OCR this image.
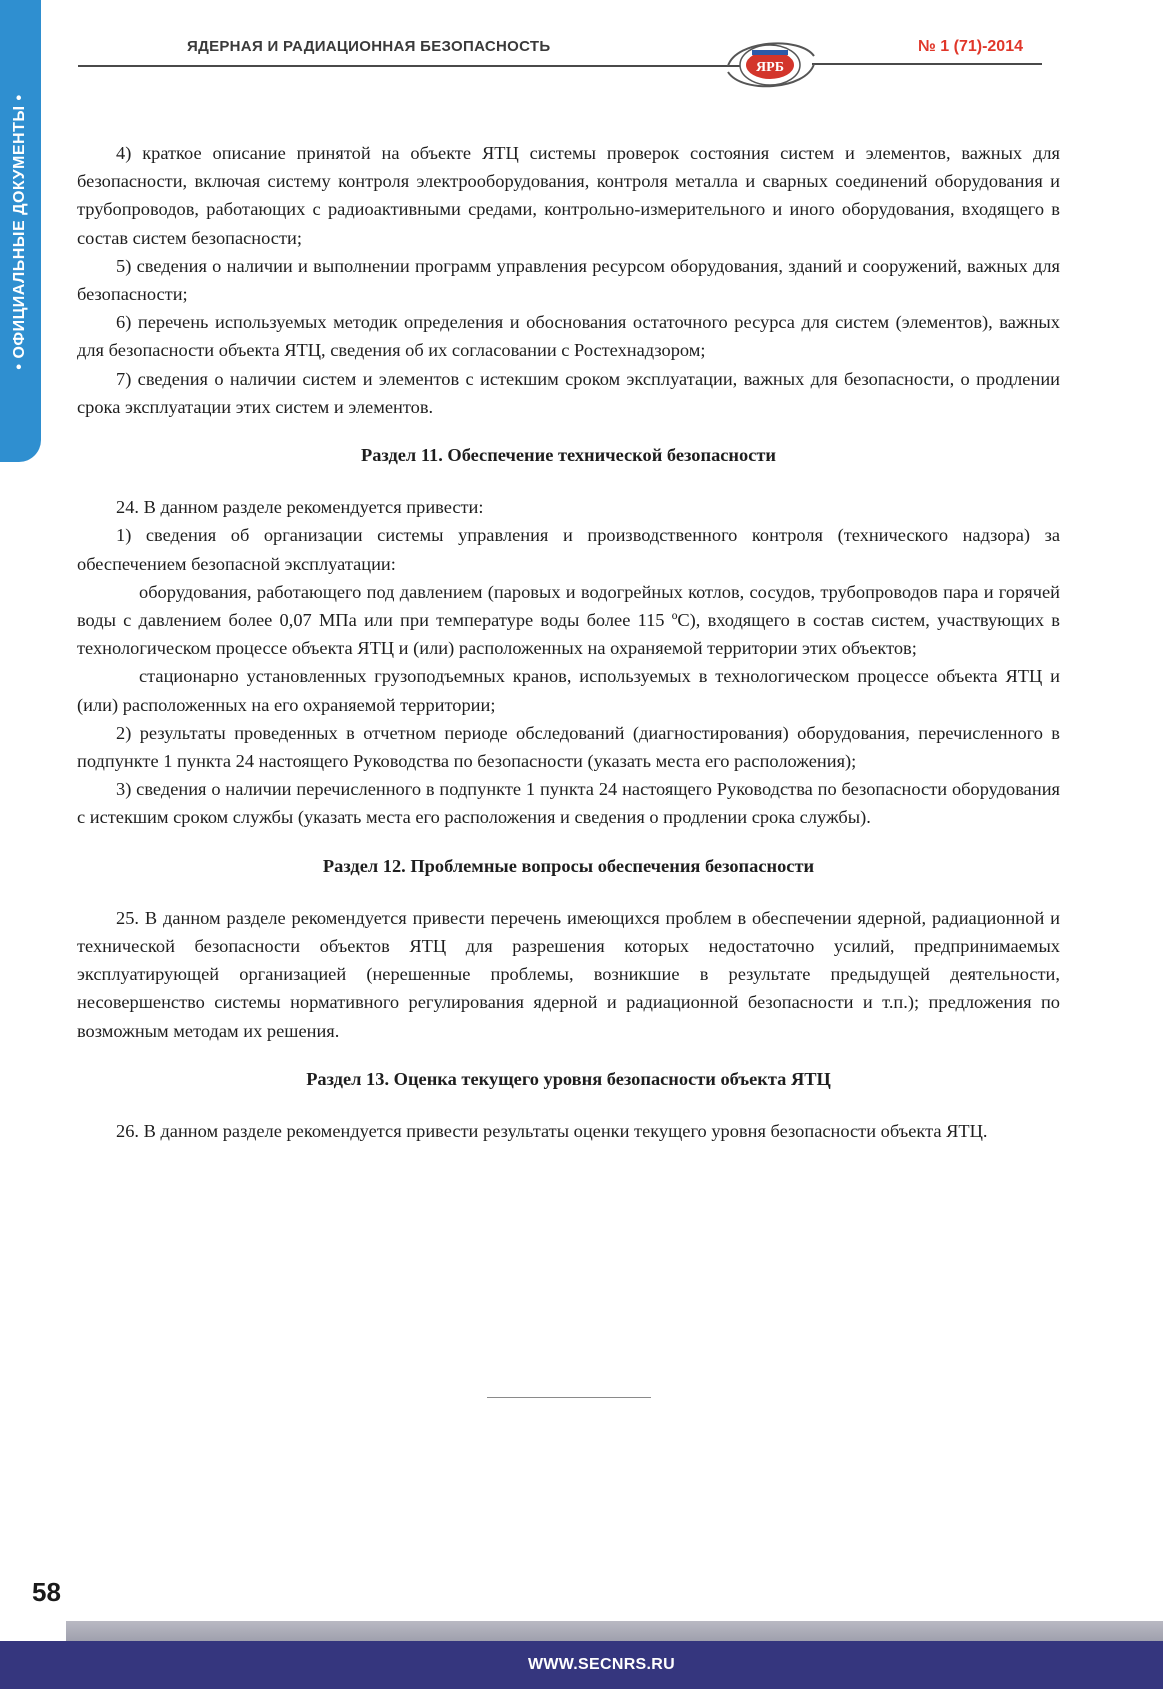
• ОФИЦИАЛЬНЫЕ ДОКУМЕНТЫ •
ЯДЕРНАЯ И РАДИАЦИОННАЯ БЕЗОПАСНОСТЬ
ЯРБ
№ 1 (71)-2014

4) краткое описание принятой на объекте ЯТЦ системы проверок состояния систем и элементов, важных для безопасности, включая систему контроля электрооборудования, контроля металла и сварных соединений оборудования и трубопроводов, работающих с радиоактивными средами, контрольно-измерительного и иного оборудования, входящего в состав систем безопасности;

5) сведения о наличии и выполнении программ управления ресурсом оборудования, зданий и сооружений, важных для безопасности;

6) перечень используемых методик определения и обоснования остаточного ресурса для систем (элементов), важных для безопасности объекта ЯТЦ, сведения об их согласовании с Ростехнадзором;

7) сведения о наличии систем и элементов с истекшим сроком эксплуатации, важных для безопасности, о продлении срока эксплуатации этих систем и элементов.

Раздел 11. Обеспечение технической безопасности

24. В данном разделе рекомендуется привести:

1) сведения об организации системы управления и производственного контроля (технического надзора) за обеспечением безопасной эксплуатации:

оборудования, работающего под давлением (паровых и водогрейных котлов, сосудов, трубопроводов пара и горячей воды с давлением более 0,07 МПа или при температуре воды более 115 ºС), входящего в состав систем, участвующих в технологическом процессе объекта ЯТЦ и (или) расположенных на охраняемой территории этих объектов;

стационарно установленных грузоподъемных кранов, используемых в технологическом процессе объекта ЯТЦ и (или) расположенных на его охраняемой территории;

2) результаты проведенных в отчетном периоде обследований (диагностирования) оборудования, перечисленного в подпункте 1 пункта 24 настоящего Руководства по безопасности (указать места его расположения);

3) сведения о наличии перечисленного в подпункте 1 пункта 24 настоящего Руководства по безопасности оборудования с истекшим сроком службы (указать места его расположения и сведения о продлении срока службы).

Раздел 12. Проблемные вопросы обеспечения безопасности

25. В данном разделе рекомендуется привести перечень имеющихся проблем в обеспечении ядерной, радиационной и технической безопасности объектов ЯТЦ для разрешения которых недостаточно усилий, предпринимаемых эксплуатирующей организацией (нерешенные проблемы, возникшие в результате предыдущей деятельности, несовершенство системы нормативного регулирования ядерной и радиационной безопасности и т.п.); предложения по возможным методам их решения.

Раздел 13. Оценка текущего уровня безопасности объекта ЯТЦ

26. В данном разделе рекомендуется привести результаты оценки текущего уровня безопасности объекта ЯТЦ.

58
WWW.SECNRS.RU
